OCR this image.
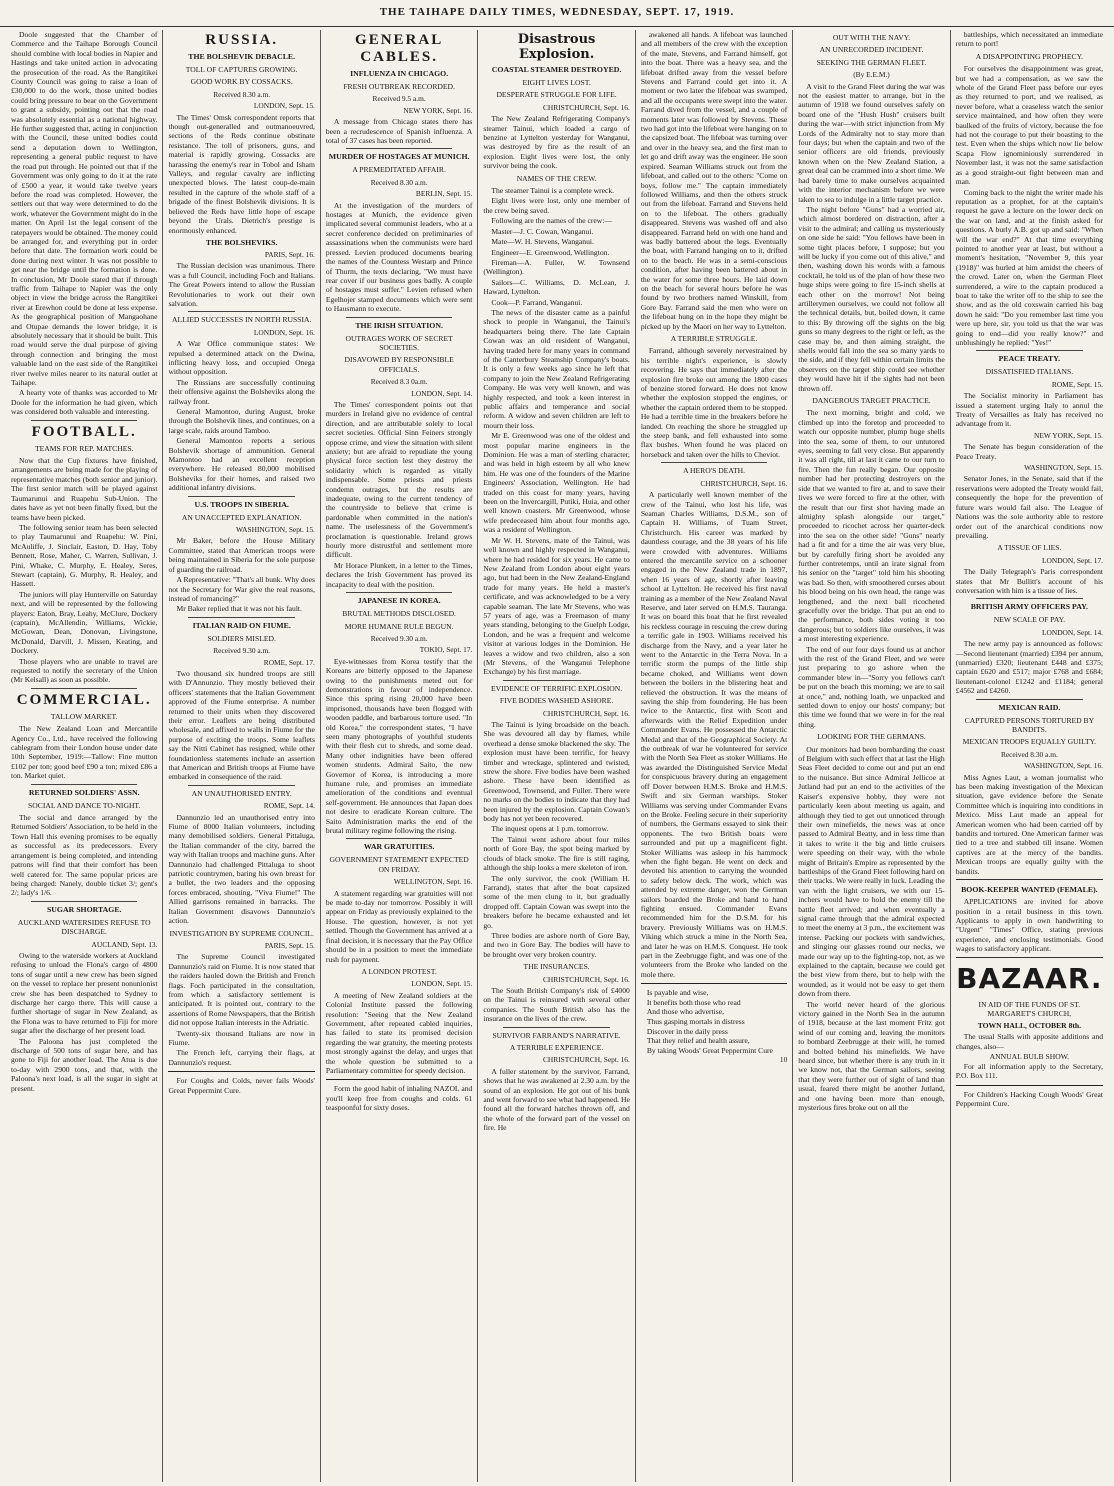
THE TAIHAPE DAILY TIMES, WEDNESDAY, SEPT. 17, 1919.

Doole suggested that the Chamber of Commerce and the Taihape Borough Council should combine with local bodies in Napier and Hastings and take united action in advocating the prosecution of the road. As the Rangitikei County Council was going to raise a loan of £30,000 to do the work, those united bodies could bring pressure to bear on the Government to grant a subsidy, pointing out that the road was absolutely essential as a national highway. He further suggested that, acting in conjunction with the Council, these united bodies could send a deputation down to Wellington, representing a general public request to have the road put through. He pointed out that if the Government was only going to do it at the rate of £500 a year, it would take twelve years before the road was completed. However, the settlers out that way were determined to do the work, whatever the Government might do in the matter. On April 1st the legal consent of the ratepayers would be obtained. The money could be arranged for, and everything put in order before that date. The formation work could be done during next winter. It was not possible to get near the bridge until the formation is done. In conclusion, Mr Doole stated that if through traffic from Taihape to Napier was the only object in view the bridge across the Rangitikei river at Erewhon could be done at less expense. As the geographical position of Mangaohane and Otupae demands the lower bridge, it is absolutely necessary that it should be built. This road would serve the dual purpose of giving through connection and bringing the most valuable land on the east side of the Rangitikei river twelve miles nearer to its natural outlet at Taihape.

A hearty vote of thanks was accorded to Mr Doole for the information he had given, which was considered both valuable and interesting.

FOOTBALL.
TEAMS FOR REP. MATCHES.

Now that the Cup fixtures have finished, arrangements are being made for the playing of representative matches (both senior and junior). The first senior match will be played against Taumarunui and Ruapehu Sub-Union. The dates have as yet not been finally fixed, but the teams have been picked.

The following senior team has been selected to play Taumarunui and Ruapehu: W. Pini, McAuliffe, J. Sinclair, Easton, D. Hay, Toby Bennett, Rose, Maher, C. Warren, Sullivan, J. Pini, Whake, C. Murphy, E. Healey, Seres, Stewart (captain), G. Murphy, R. Healey, and Hassett.

The juniors will play Hunterville on Saturday next, and will be represented by the following players: Eaton, Bray, Leahy, McClure, Dockery (captain), McAllendin, Williams, Wickie, McGowan, Dean, Donovan, Livingstone, McDonald, Darvill, J. Missen, Keating, and Dockery.

Those players who are unable to travel are requested to notify the secretary of the Union (Mr Kelsall) as soon as possible.

COMMERCIAL.
TALLOW MARKET.

The New Zealand Loan and Mercantile Agency Co., Ltd., have received the following cablegram from their London house under date 10th September, 1919:—Tallow: Fine mutton £102 per ton; good beef £90 a ton; mixed £86 a ton. Market quiet.

RETURNED SOLDIERS' ASSN.
SOCIAL AND DANCE TO-NIGHT.

The social and dance arranged by the Returned Soldiers' Association, to be held in the Town Hall this evening promises to be equally as successful as its predecessors. Every arrangement is being completed, and intending patrons will find that their comfort has been well catered for. The same popular prices are being charged: Nanely, double ticket 3/; gent's 2/; lady's 1/6.

SUGAR SHORTAGE.
AUCKLAND WATERSIDES REFUSE TO DISCHARGE.
AUCLAND, Sept. 13.

Owing to the waterside workers at Auckland refusing to unload the Flona's cargo of 4800 tons of sugar until a new crew has been signed on the vessel to replace her present nonunionist crew she has been despatched to Sydney to discharge her cargo there. This will cause a further shortage of sugar in New Zealand, as the Flona was to have returned to Fiji for more sugar after the discharge of her present load.

The Paloona has just completed the discharge of 500 tons of sugar here, and has gone to Fiji for another load. The Atua is due to-day with 2900 tons, and that, with the Paloona's next load, is all the sugar in sight at present.

RUSSIA.
THE BOLSHEVIK DEBACLE.
TOLL OF CAPTURES GROWING.
GOOD WORK BY COSSACKS.
Received 8.30 a.m.
LONDON, Sept. 15.

The Times' Omsk correspondent reports that though out-generalled and outmanoeuvred, sections of the Reds continue obstinate resistance. The toll of prisoners, guns, and material is rapidly growing. Cossacks are harassing the enemy's rear in Tobol and Isham Valleys, and regular cavalry are inflicting unexpected blows. The latest coup-de-main resulted in the capture of the whole staff of a brigade of the finest Bolshevik divisions. It is believed the Reds have little hope of escape beyond the Urals. Dietrich's prestige is enormously enhanced.

THE BOLSHEVIKS.
PARIS, Sept. 16.

The Russian decision was unanimous. There was a full Council, including Foch and Italians. The Great Powers intend to allow the Russian Revolutionaries to work out their own salvation.

ALLIED SUCCESSES IN NORTH RUSSIA.
LONDON, Sept. 16.

A War Office communique states: We repulsed a determined attack on the Dwina, inflicting heavy loss, and occupied Onega without opposition.

The Russians are successfully continuing their offensive against the Bolsheviks along the railway front.

General Mamontoo, during August, broke through the Bolshevik lines, and continues, on a large scale, raids around Tamboo.

General Mamontoo reports a serious Bolshevik shortage of ammunition. General Mamontoo had an excellent reception everywhere. He released 80,000 mobilised Bolsheviks for their homes, and raised two additional infantry divisions.

U.S. TROOPS IN SIBERIA.
AN UNACCEPTED EXPLANATION.
WASHINGTON, Sept. 15.

Mr Baker, before the House Military Committee, stated that American troops were being maintained in Siberia for the sole purpose of guarding the railroad.

A Representative: "That's all bunk. Why does not the Secretary for War give the real reasons, instead of romancing?"

Mr Baker replied that it was not his fault.

ITALIAN RAID ON FIUME.
SOLDIERS MISLED.
Received 9.30 a.m.
ROME, Sept. 17.

Two thousand six hundred troops are still with D'Annunzio. They mostly believed their officers' statements that the Italian Government approved of the Fiume enterprise. A number returned to their units when they discovered their error. Leaflets are being distributed wholesale, and affixed to walls in Fiume for the purpose of exciting the troops. Some leaflets say the Nitti Cabinet has resigned, while other foundationless statements include an assertion that American and British troops at Fiume have embarked in consequence of the raid.

AN UNAUTHORISED ENTRY.
ROME, Sept. 14.

Dannunzio led an unauthorised entry into Fiume of 8000 Italian volunteers, including many demobilised soldiers. General Pittaluga, the Italian commander of the city, barred the way with Italian troops and machine guns. After Dannunzio had challenged Pittaluga to shoot patriotic countrymen, baring his own breast for a bullet, the two leaders and the opposing forces embraced, shouting, "Viva Fiume!" The Allied garrisons remained in barracks. The Italian Government disavows Dannunzio's action.

INVESTIGATION BY SUPREME COUNCIL.
PARIS, Sept. 15.

The Supreme Council investigated Dannunzio's raid on Fiume. It is now stated that the raiders hauled down the British and French flags. Foch participated in the consultation, from which a satisfactory settlement is anticipated. It is pointed out, contrary to the assertions of Rome Newspapers, that the British did not oppose Italian interests in the Adriatic.

Twenty-six thousand Italians are now in Fiume.

The French left, carrying their flags, at Dannunzio's request.

For Coughs and Colds, never fails Woods' Great Peppermint Cure.

GENERAL CABLES.
INFLUENZA IN CHICAGO.
FRESH OUTBREAK RECORDED.
Received 9.5 a.m.
NEW YORK, Sept. 16.

A message from Chicago states there has been a recrudescence of Spanish influenza. A total of 37 cases has been reported.

MURDER OF HOSTAGES AT MUNICH.
A PREMEDITATED AFFAIR.
Received 8.30 a.m.
BERLIN, Sept. 15.

At the investigation of the murders of hostages at Munich, the evidence given implicated several communist leaders, who at a secret conference decided on preliminaries of assassinations when the communists were hard pressed. Levien produced documents bearing the names of the Countess Westarp and Prince of Thurm, the texts declaring, "We must have rear cover if our business goes badly. A couple of hostages must suffer." Levien refused when Egelhojer stamped documents which were sent to Hausmann to execute.

THE IRISH SITUATION.
OUTRAGES WORK OF SECRET SOCIETIES.
DISAVOWED BY RESPONSIBLE OFFICIALS.
Received 8.3 0a.m.
LONDON, Sept. 14.

The Times' correspondent points out that murders in Ireland give no evidence of central direction, and are attributable solely to local secret societies. Official Sinn Feiners strongly oppose crime, and view the situation with silent anxiety; but are afraid to repudiate the young physical force section lest they destroy the solidarity which is regarded as vitally indispensable. Some priests and priests condemn outrages, but the results are inadequate, owing to the current tendency of the countryside to believe that crime is pardonable when committed in the nation's name. The uselessness of the Government's proclamation is questionable. Ireland grows hourly more distrustful and settlement more difficult.

Mr Horace Plunkett, in a letter to the Times, declares the Irish Government has proved its incapacity to deal with the position.

JAPANESE IN KOREA.
BRUTAL METHODS DISCLOSED.
MORE HUMANE RULE BEGUN.
Received 9.30 a.m.
TOKIO, Sept. 17.

Eye-witnesses from Korea testify that the Koreans are bitterly opposed to the Japanese owing to the punishments meted out for demonstrations in favour of independence. Since this spring rising 20,000 have been imprisoned, thousands have been flogged with wooden paddle, and barbarous torture used. "In old Korea," the correspondent states, "I have seen many photographs of youthful students with their flesh cut to shreds, and some dead. Many other indignities have been offered women students. Admiral Saito, the new Governor of Korea, is introducing a more humane rule, and promises an immediate amelioration of the conditions and eventual self-government. He announces that Japan does not desire to eradicate Korean culture. The Saito Administration marks the end of the brutal military regime following the rising.

WAR GRATUITIES.
GOVERNMENT STATEMENT EXPECTED ON FRIDAY.
WELLINGTON, Sept. 16.

A statement regarding war gratuities will not be made to-day nor tomorrow. Possibly it will appear on Friday as previously explained to the House. The question, however, is not yet settled. Though the Government has arrived at a final decision, it is necessary that the Pay Office should be in a position to meet the immediate rush for payment.

A LONDON PROTEST.
LONDON, Sept. 15.

A meeting of New Zealand soldiers at the Colonial Institute passed the following resolution: "Seeing that the New Zealand Government, after repeated cabled inquiries, has failed to state its promised decision regarding the war gratuity, the meeting protests most strongly against the delay, and urges that the whole question be submitted to a Parliamentary committee for speedy decision.

Form the good habit of inhaling NAZOL and you'll keep free from coughs and colds. 61 teaspoonful for sixty doses.

Disastrous Explosion.
COASTAL STEAMER DESTROYED.
EIGHT LIVES LOST.
DESPERATE STRUGGLE FOR LIFE.
CHRISTCHURCH, Sept. 16.

The New Zealand Refrigerating Company's steamer Tainui, which loaded a cargo of benzine at Lyttelton yesterday for Wanganui, was destroyed by fire as the result of an explosion. Eight lives were lost, the only survivor being the cook.

NAMES OF THE CREW.

The steamer Tainui is a complete wreck.

Eight lives were lost, only one member of the crew being saved.

Following are the names of the crew:—

Master—J. C. Cowan, Wanganui.

Mate—W. H. Stevens, Wanganui.

Engineer—E. Greenwood, Wellington.

Fireman—A. Fuller, W. Townsend (Wellington).

Sailors—C. Williams, D. McLean, J. Haward, Lyttelton.

Cook—P. Farrand, Wanganui.

The news of the disaster came as a painful shock to people in Wanganui, the Tainui's headquarters being there. The late Captain Cowan was an old resident of Wanganui, having traded here for many years in command of the Canterbury Steamship Company's boats. It is only a few weeks ago since he left that company to join the New Zealand Refrigerating Company. He was very well known, and was highly respected, and took a keen interest in public affairs and temperance and social reform. A widow and seven children are left to mourn their loss.

Mr E. Greenwood was one of the oldest and most popular marine engineers in the Dominion. He was a man of sterling character, and was held in high esteem by all who knew him. He was one of the founders of the Marine Engineers' Association, Wellington. He had traded on this coast for many years, having been on the Invercargill, Putiki, Huia, and other well known coasters. Mr Greenwood, whose wife predeceased him about four months ago, was a resident of Wellington.

Mr W. H. Stevens, mate of the Tainui, was well known and highly respected in Wanganui, where he had resided for six years. He came to New Zealand from London about eight years ago, but had been in the New Zealand-England trade for many years. He held a master's certificate, and was acknowledged to be a very capable seaman. The late Mr Stevens, who was 57 years of age, was a Freemason of many years standing, belonging to the Guelph Lodge, London, and he was a frequent and welcome visitor at various lodges in the Dominion. He leaves a widow and two children, also a son (Mr Stevens, of the Wanganui Telephone Exchange) by his first marriage.

EVIDENCE OF TERRIFIC EXPLOSION.
FIVE BODIES WASHED ASHORE.
CHRISTCHURCH, Sept. 16.

The Tainui is lying broadside on the beach. She was devoured all day by flames, while overhead a dense smoke blackened the sky. The explosion must have been terrific, for heavy timber and wreckage, splintered and twisted, strew the shore. Five bodies have been washed ashore. These have been identified as Greenwood, Townsend, and Fuller. There were no marks on the bodies to indicate that they had been injured by the explosion. Captain Cowan's body has not yet been recovered.

The inquest opens at 1 p.m. tomorrow.

The Tainui went ashore about four miles north of Gore Bay, the spot being marked by clouds of black smoke. The fire is still raging, although the ship looks a mere skeleton of iron.

The only survivor, the cook (William H. Farrand), states that after the boat capsized some of the men clung to it, but gradually dropped off. Captain Cowan was swept into the breakers before he became exhausted and let go.

Three bodies are ashore north of Gore Bay, and two in Gore Bay. The bodies will have to be brought over very broken country.

THE INSURANCES.
CHRISTCHURCH, Sept. 16.

The South British Company's risk of £4000 on the Tainui is reinsured with several other companies. The South British also has the insurance on the lives of the crew.

SURVIVOR FARRAND'S NARRATIVE.
A TERRIBLE EXPERIENCE.
CHRISTCHURCH, Sept. 16.

A fuller statement by the survivor, Farrand, shows that he was awakened at 2.30 a.m. by the sound of an explosion. He got out of his bunk and went forward to see what had happened. He found all the forward hatches thrown off, and the whole of the forward part of the vessel on fire. He

awakened all hands. A lifeboat was launched and all members of the crew with the exception of the mate, Stevens, and Farrand himself, got into the boat. There was a heavy sea, and the lifeboat drifted away from the vessel before Stevens and Farrand could get into it. A moment or two later the lifeboat was swamped, and all the occupants were swept into the water. Farrand dived from the vessel, and a couple of moments later was followed by Stevens. These two had got into the lifeboat were hanging on to the capsized boat. The lifeboat was turning over and over in the heavy sea, and the first man to let go and drift away was the engineer. He soon expired. Seaman Williams struck out from the lifeboat, and called out to the others: "Come on boys, follow me." The captain immediately followed Williams, and then the others struck out from the lifeboat. Farrand and Stevens held on to the lifeboat. The others gradually disappeared. Stevens was washed off and also disappeared. Farrand held on with one hand and was badly battered about the legs. Eventually the boat, with Farrand hanging on to it, drifted on to the beach. He was in a semi-conscious condition, after having been battered about in the water for some three hours. He laid down on the beach for several hours before he was found by two brothers named Winskill, from Gore Bay. Farrand said the men who were on the lifeboat hung on in the hope they might be picked up by the Maori on her way to Lyttelton.

A TERRIBLE STRUGGLE.

Farrand, although severely nervestrained by his terrible night's experience, is slowly recovering. He says that immediately after the explosion fire broke out among the 1800 cases of benzine stored forward. He does not know whether the explosion stopped the engines, or whether the captain ordered them to be stopped. He had a terrible time in the breakers before he landed. On reaching the shore he struggled up the steep bank, and fell exhausted into some flax bushes. When found he was placed on horseback and taken over the hills to Cheviot.

A HERO'S DEATH.
CHRISTCHURCH, Sept. 16.

A particularly well known member of the crew of the Tainui, who lost his life, was Seaman Charles Williams, D.S.M., son of Captain H. Williams, of Tuam Street, Christchurch. His career was marked by dauntless courage, and the 38 years of his life were crowded with adventures. Williams entered the mercantile service on a schooner engaged in the New Zealand trade in 1897, when 16 years of age, shortly after leaving school at Lyttelton. He received his first naval training as a member of the New Zealand Naval Reserve, and later served on H.M.S. Tauranga. It was on board this boat that he first revealed his reckless courage in rescuing the crew during a terrific gale in 1903. Williams received his discharge from the Navy, and a year later he went to the Antarctic in the Terra Nova. In a terrific storm the pumps of the little ship became choked, and Williams went down between the boilers in the blistering heat and relieved the obstruction. It was the means of saving the ship from foundering. He has been twice to the Antarctic, first with Scott and afterwards with the Relief Expedition under Commander Evans. He possessed the Antarctic Medal and that of the Geographical Society. At the outbreak of war he volunteered for service with the North Sea Fleet as stoker Williams. He was awarded the Distinguished Service Medal for conspicuous bravery during an engagement off Dover between H.M.S. Broke and H.M.S. Swift and six German warships. Stoker Williams was serving under Commander Evans on the Broke. Feeling secure in their superiority of numbers, the Germans essayed to sink their opponents. The two British boats were surrounded and put up a magnificent fight. Stoker Williams was asleep in his hammock when the fight began. He went on deck and devoted his attention to carrying the wounded to safety below deck. The work, which was attended by extreme danger, won the German sailors boarded the Broke and hand to hand fighting ensued. Commander Evans recommended him for the D.S.M. for his bravery. Previously Williams was on H.M.S. Viking which struck a mine in the North Sea, and later he was on H.M.S. Conquest. He took part in the Zeebrugge fight, and was one of the volunteers from the Broke who landed on the mole there.

Is payable and wise,
It benefits both those who read
And those who advertise,
Thus gasping mortals in distress
Discover in the daily press
That they relief and health assure,
By taking Woods' Great Peppermint Cure
10
OUT WITH THE NAVY.
AN UNRECORDED INCIDENT.
SEEKING THE GERMAN FLEET.
(By E.E.M.)

A visit to the Grand Fleet during the war was not the easiest matter to arrange, but in the autumn of 1918 we found ourselves safely on board one of the "Hush Hush" cruisers built during the war—with strict injunction from My Lords of the Admiralty not to stay more than four days; but when the captain and two of the senior officers are old friends, previously known when on the New Zealand Station, a great deal can be crammed into a short time. We had barely time to make ourselves acquainted with the interior mechanism before we were taken to sea to indulge in a little target practice.

The night before "Guns" had a worried air, which almost bordered on distraction, after a visit to the admiral; and calling us mysteriously on one side he said: "You fellows have been in some tight places before, I suppose; but you will be lucky if you come out of this alive," and then, washing down his words with a famous cocktail, he told us of the plan of how these two huge ships were going to fire 15-inch shells at each other on the morrow! Not being artillerymen ourselves, we could not follow all the technical details, but, boiled down, it came to this: By throwing off the sights on the big guns so many degrees to the right or left, as the case may be, and then aiming straight, the shells would fall into the sea so many yards to the side, and if they fell within certain limits the observers on the target ship could see whether they would have hit if the sights had not been thrown off.

DANGEROUS TARGET PRACTICE.

The next morning, bright and cold, we climbed up into the foretop and proceeded to watch our opposite number, plump huge shells into the sea, some of them, to our untutored eyes, seeming to fall very close. But apparently it was all right, till at last it came to our turn to fire. Then the fun really began. Our opposite number had her protecting destroyers on the side that we wanted to fire at, and to save their lives we were forced to fire at the other, with the result that our first shot having made an almighty splash alongside our target," proceeded to ricochet across her quarter-deck into the sea on the other side! "Guns" nearly had a fit and for a time the air was very blue, but by carefully firing short he avoided any further contretemps, until an irate signal from his senior on the "target" told him his shooting was bad. So then, with smoothered curses about his blood being on his own head, the range was lengthened, and the next ball ricocheted gracefully over the bridge. That put an end to the performance, both sides voting it too dangerous; but to soldiers like ourselves, it was a most interesting experience.

The end of our four days found us at anchor with the rest of the Grand Fleet, and we were just preparing to go ashore when the commander blew in—"Sorry you fellows can't be put on the beach this morning; we are to sail at once," and, nothing loath, we unpacked and settled down to enjoy our hosts' company; but this time we found that we were in for the real thing.

LOOKING FOR THE GERMANS.

Our monitors had been bombarding the coast of Belgium with such effect that at last the High Seas Fleet decided to come out and put an end to the nuisance. But since Admiral Jellicoe at Jutland had put an end to the activities of the Kaiser's expensive hobby, they were not particularly keen about meeting us again, and although they tied to get out unnoticed through their own minefields, the news was at once passed to Admiral Beatty, and in less time than it takes to write it the big and little cruisers were speeding on their way, with the whole might of Britain's Empire as represented by the battleships of the Grand Fleet following hard on their tracks. We were really in luck. Leading the van with the light cruisers, we with our 15-inchers would have to hold the enemy till the battle fleet arrived; and when eventually a signal came through that the admiral expected to meet the enemy at 3 p.m., the excitement was intense. Packing our pockets with sandwiches, and slinging our glasses round our necks, we made our way up to the fighting-top, not, as we explained to the captain, because we could get the best view from there, but to help with the wounded, as it would not be easy to get them down from there.

The world never heard of the glorious victory gained in the North Sea in the autumn of 1918, because at the last moment Fritz got wind of our coming and, leaving the monitors to bombard Zeebrugge at their will, he turned and bolted behind his minefields. We have heard since, but whether there is any truth in it we know not, that the German sailors, seeing that they were further out of sight of land than usual, feared there might be another Jutland, and one having been more than enough, mysterious fires broke out on all the

battleships, which necessitated an immediate return to port!

A DISAPPOINTING PROPHECY.

For ourselves the disappointment was great, but we had a compensation, as we saw the whole of the Grand Fleet pass before our eyes as they returned to port, and we realised, as never before, what a ceaseless watch the senior service maintained, and how often they were baulked of the fruits of victory, because the foe had not the courage to put their boasting to the test. Even when the ships which now lie below Scapa Flow ignominiously surrendered in November last, it was not the same satisfaction as a good straight-out fight between man and man.

Coming back to the night the writer made his reputation as a prophet, for at the captain's request he gave a lecture on the lower deck on the war on land, and at the finish asked for questions. A burly A.B. got up and said: "When will the war end?" At that time everything pointed to another year at least, but without a moment's hesitation, "November 9, this year (1918)" was hurled at him amidst the cheers of the crowd. Later on, when the German Fleet surrendered, a wire to the captain produced a boat to take the writer off to the ship to see the show, and as the old coxswain carried his bag down he said: "Do you remember last time you were up here, sir, you told us that the war was going to end—did you really know?" and unblushingly he replied: "Yes!"

PEACE TREATY.
DISSATISFIED ITALIANS.
ROME, Sept. 15.

The Socialist minority in Parliament has issued a statement urging Italy to annul the Treaty of Versailles as Italy has received no advantage from it.

NEW YORK, Sept. 15.

The Senate has begun consideration of the Peace Treaty.

WASHINGTON, Sept. 15.

Senator Jones, in the Senate, said that if the reservations were adopted the Treaty would fail, consequently the hope for the prevention of future wars would fail also. The League of Nations was the sole authority able to restore order out of the anarchical conditions now prevailing.

A TISSUE OF LIES.
LONDON, Sept. 17.

The Daily Telegraph's Paris correspondent states that Mr Bullitt's account of his conversation with him is a tissue of lies.

BRITISH ARMY OFFICERS PAY.
NEW SCALE OF PAY.
LONDON, Sept. 14.

The new army pay is announced as follows:—Second lieutenant (married) £394 per annum, (unmarried) £320; lieutenant £448 and £375; captain £620 and £517; major £768 and £684; lieutenant-colonel £1242 and £1184; general £4562 and £4260.

MEXICAN RAID.
CAPTURED PERSONS TORTURED BY BANDITS.
MEXICAN TROOPS EQUALLY GUILTY.
Received 8.30 a.m.
WASHINGTON, Sept. 16.

Miss Agnes Laut, a woman journalist who has been making investigation of the Mexican situation, gave evidence before the Senate Committee which is inquiring into conditions in Mexico. Miss Laut made an appeal for American women who had been carried off by bandits and tortured. One American farmer was tied to a tree and stabbed till insane. Women captives are at the mercy of the bandits. Mexican troops are equally guilty with the bandits.

BOOK-KEEPER WANTED (FEMALE).

APPLICATIONS are invited for above position in a retail business in this town. Applicants to apply in own handwriting to "Urgent" "Times" Office, stating previous experience, and enclosing testimonials. Good wages to satisfactory applicant.

BAZAAR.
IN AID OF THE FUNDS OF ST. MARGARET'S CHURCH,
TOWN HALL, OCTOBER 8th.

The usual Stalls with apposite additions and changes, also—

ANNUAL BULB SHOW.

For all information apply to the Secretary, P.O. Box 111.

For Children's Hacking Cough Woods' Great Peppermint Cure.
